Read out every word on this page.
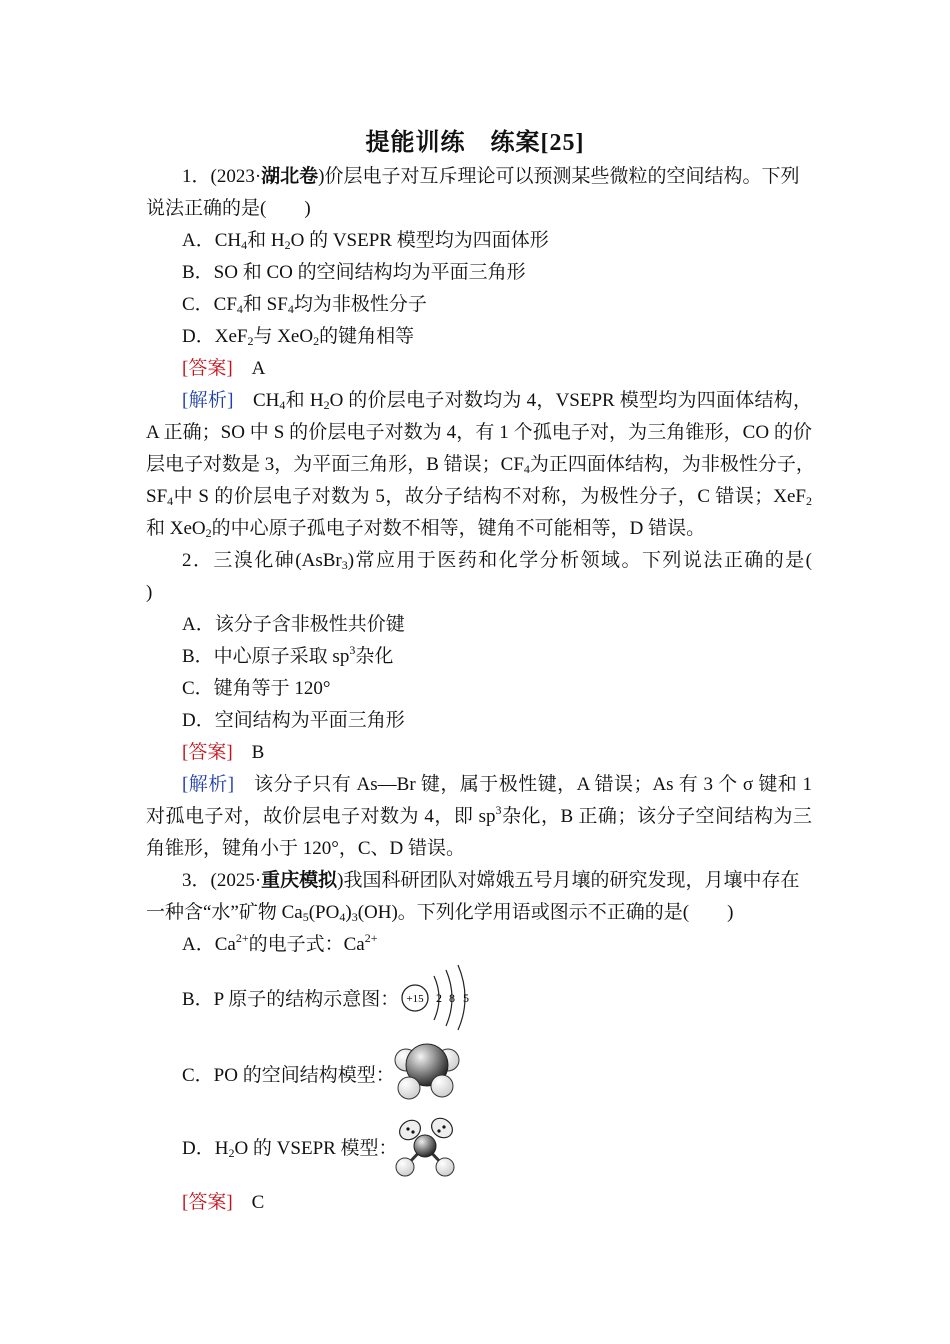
提能训练　练案[25]
1．(2023·湖北卷)价层电子对互斥理论可以预测某些微粒的空间结构。下列
说法正确的是(　　)
A．$CH_4$和 $H_2O$ 的 VSEPR 模型均为四面体形
B．SO 和 CO 的空间结构均为平面三角形
C．$CF_4$和 $SF_4$均为非极性分子
D．XeF$_2$与 XeO$_2$的键角相等
[答案]　 A
[解析]　 $CH_4$和 $H_2O$ 的价层电子对数均为 4，VSEPR 模型均为四面体结构，
A 正确；SO 中 S 的价层电子对数为 4，有 1 个孤电子对，为三角锥形，CO 的价
层电子对数是 3，为平面三角形，B 错误；$CF_4$为正四面体结构，为非极性分子，
$SF_4$中 S 的价层电子对数为 5，故分子结构不对称，为极性分子，C 错误；XeF$_2$
和 XeO$_2$的中心原子孤电子对数不相等，键角不可能相等，D 错误。
2．三溴化砷(AsBr$_3$)常应用于医药和化学分析领域。下列说法正确的是(
)
A．该分子含非极性共价键
B．中心原子采取 $sp^3$杂化
C．键角等于 120°
D．空间结构为平面三角形
[答案]　 B
[解析]　 该分子只有 As—Br 键，属于极性键，A 错误；As 有 3 个 σ 键和 1
对孤电子对，故价层电子对数为 4，即 $sp^3$杂化，B 正确；该分子空间结构为三
角锥形，键角小于 120°，C、D 错误。
3．(2025·重庆模拟)我国科研团队对嫦娥五号月壤的研究发现，月壤中存在
一种含“水”矿物 $Ca_5(PO_4)_3(OH)$。下列化学用语或图示不正确的是(　　)
A．$Ca^{2+}$的电子式：$Ca^{2+}$
B．P 原子的结构示意图： +15 2 8 5
C．PO 的空间结构模型：
D．$H_2O$ 的 VSEPR 模型：
[答案]　 C
